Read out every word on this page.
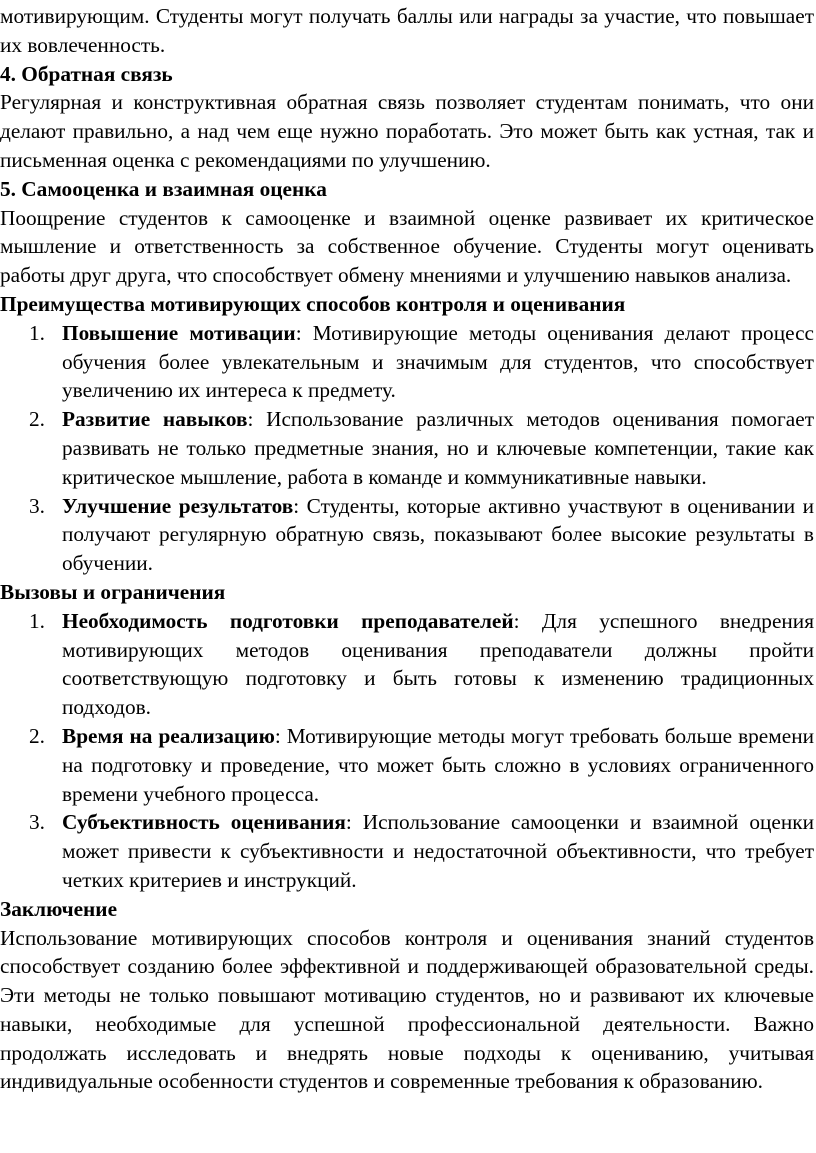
мотивирующим. Студенты могут получать баллы или награды за участие, что повышает их вовлеченность.

4. Обратная связь

Регулярная и конструктивная обратная связь позволяет студентам понимать, что они делают правильно, а над чем еще нужно поработать. Это может быть как устная, так и письменная оценка с рекомендациями по улучшению.

5. Самооценка и взаимная оценка

Поощрение студентов к самооценке и взаимной оценке развивает их критическое мышление и ответственность за собственное обучение. Студенты могут оценивать работы друг друга, что способствует обмену мнениями и улучшению навыков анализа.

Преимущества мотивирующих способов контроля и оценивания

1. Повышение мотивации: Мотивирующие методы оценивания делают процесс обучения более увлекательным и значимым для студентов, что способствует увеличению их интереса к предмету.
2. Развитие навыков: Использование различных методов оценивания помогает развивать не только предметные знания, но и ключевые компетенции, такие как критическое мышление, работа в команде и коммуникативные навыки.
3. Улучшение результатов: Студенты, которые активно участвуют в оценивании и получают регулярную обратную связь, показывают более высокие результаты в обучении.

Вызовы и ограничения

1. Необходимость подготовки преподавателей: Для успешного внедрения мотивирующих методов оценивания преподаватели должны пройти соответствующую подготовку и быть готовы к изменению традиционных подходов.
2. Время на реализацию: Мотивирующие методы могут требовать больше времени на подготовку и проведение, что может быть сложно в условиях ограниченного времени учебного процесса.
3. Субъективность оценивания: Использование самооценки и взаимной оценки может привести к субъективности и недостаточной объективности, что требует четких критериев и инструкций.

Заключение

Использование мотивирующих способов контроля и оценивания знаний студентов способствует созданию более эффективной и поддерживающей образовательной среды. Эти методы не только повышают мотивацию студентов, но и развивают их ключевые навыки, необходимые для успешной профессиональной деятельности. Важно продолжать исследовать и внедрять новые подходы к оцениванию, учитывая индивидуальные особенности студентов и современные требования к образованию.
